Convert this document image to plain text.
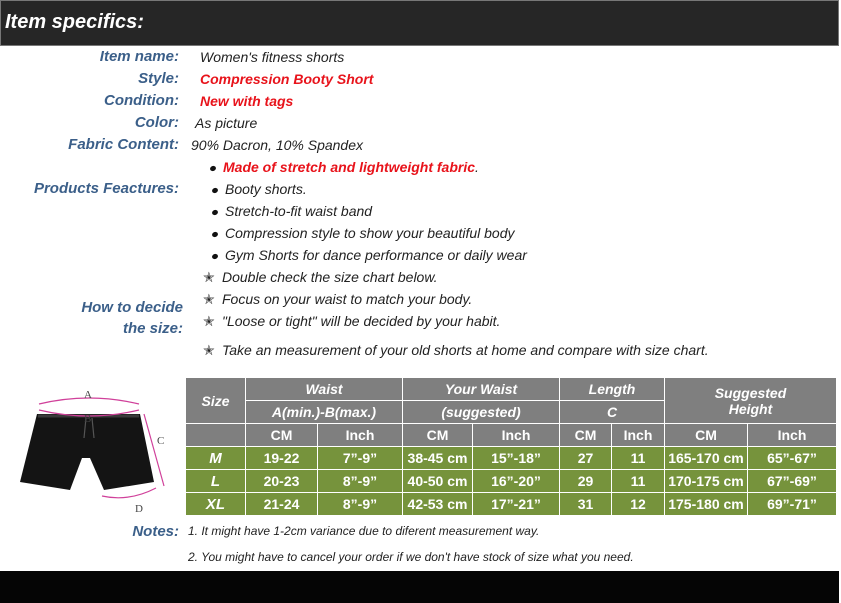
Item specifics:
Item name: Women's fitness shorts
Style: Compression Booty Short
Condition: New with tags
Color: As picture
Fabric Content: 90% Dacron, 10% Spandex
Products Feactures:
Made of stretch and lightweight fabric.
Booty shorts.
Stretch-to-fit waist band
Compression style to show your beautiful body
Gym Shorts for dance performance or daily wear
How to decide
the size:
✭ Double check the size chart below.
✭ Focus on your waist to match your body.
✭ "Loose or tight" will be decided by your habit.
✭ Take an measurement of your old shorts at home and compare with size chart.
A
B
C
D
Size	Waist		Your Waist		Length		Suggested
Height	

	A(min.)-B(max.)		(suggested)		C			
	CM	Inch	CM	Inch	CM	Inch	CM	Inch
M	19-22	7”-9”	38-45 cm	15”-18”	27	11	165-170 cm	65”-67”
L	20-23	8”-9”	40-50 cm	16”-20”	29	11	170-175 cm	67”-69”
XL	21-24	8”-9”	42-53 cm	17”-21”	31	12	175-180 cm	69”-71”
Notes: 1. It might have 1-2cm variance due to diferent measurement way.
2. You might have to cancel your order if we don't have stock of size what you need.
